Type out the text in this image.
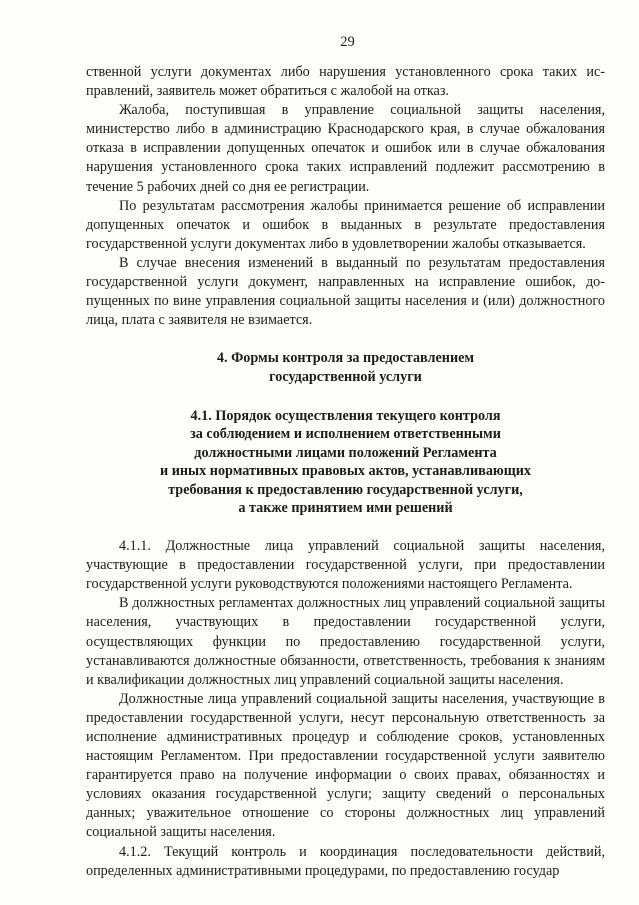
29

ственной услуги документах либо нарушения установленного срока таких исправлений, заявитель может обратиться с жалобой на отказ.

Жалоба, поступившая в управление социальной защиты населения, министерство либо в администрацию Краснодарского края, в случае обжалования отказа в исправлении допущенных опечаток и ошибок или в случае обжалования нарушения установленного срока таких исправлений подлежит рассмотрению в течение 5 рабочих дней со дня ее регистрации.

По результатам рассмотрения жалобы принимается решение об исправлении допущенных опечаток и ошибок в выданных в результате предоставления государственной услуги документах либо в удовлетворении жалобы отказывается.

В случае внесения изменений в выданный по результатам предоставления государственной услуги документ, направленных на исправление ошибок, допущенных по вине управления социальной защиты населения и (или) должностного лица, плата с заявителя не взимается.

4. Формы контроля за предоставлением
государственной услуги
4.1. Порядок осуществления текущего контроля
за соблюдением и исполнением ответственными
должностными лицами положений Регламента
и иных нормативных правовых актов, устанавливающих
требования к предоставлению государственной услуги,
а также принятием ими решений

4.1.1. Должностные лица управлений социальной защиты населения, участвующие в предоставлении государственной услуги, при предоставлении государственной услуги руководствуются положениями настоящего Регламента.

В должностных регламентах должностных лиц управлений социальной защиты населения, участвующих в предоставлении государственной услуги, осуществляющих функции по предоставлению государственной услуги, устанавливаются должностные обязанности, ответственность, требования к знаниям и квалификации должностных лиц управлений социальной защиты населения.

Должностные лица управлений социальной защиты населения, участвующие в предоставлении государственной услуги, несут персональную ответственность за исполнение административных процедур и соблюдение сроков, установленных настоящим Регламентом. При предоставлении государственной услуги заявителю гарантируется право на получение информации о своих правах, обязанностях и условиях оказания государственной услуги; защиту сведений о персональных данных; уважительное отношение со стороны должностных лиц управлений социальной защиты населения.

4.1.2. Текущий контроль и координация последовательности действий, определенных административными процедурами, по предоставлению государ
